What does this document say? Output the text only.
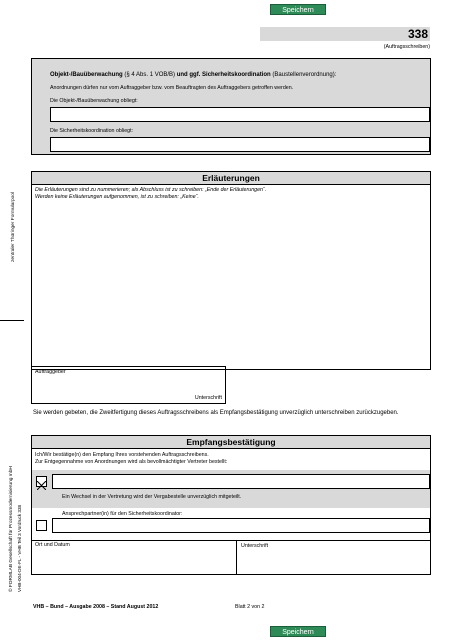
Speichern
338
(Auftragsschreiben)
Objekt-/Bauüberwachung (§ 4 Abs. 1 VOB/B) und ggf. Sicherheitskoordination (Baustellenverordnung):
Anordnungen dürfen nur vom Auftraggeber bzw. vom Beauftragten des Auftraggebers getroffen werden.
Die Objekt-/Bauüberwachung obliegt:
Die Sicherheitskoordination obliegt:
Erläuterungen
Die Erläuterungen sind zu nummerieren; als Abschluss ist zu schreiben: „Ende der Erläuterungen“.
Werden keine Erläuterungen aufgenommen, ist zu schreiben: „Keine“.
Auftraggeber
Unterschrift
Sie werden gebeten, die Zweitfertigung dieses Auftragsschreibens als Empfangsbestätigung unverzüglich unterschreiben zurückzugeben.
Empfangsbestätigung
Ich/Wir bestätige(n) den Empfang Ihres vorstehenden Auftragsschreibens.
Zur Entgegennahme von Anordnungen wird als bevollmächtigter Vertreter bestellt:
Ein Wechsel in der Vertretung wird der Vergabestelle unverzüglich mitgeteilt.
Ansprechpartner(in) für den Sicherheitskoordinator:
Ort und Datum	Unterschrift
VHB – Bund – Ausgabe 2008 – Stand August 2012	Blatt 2 von 2
Speichern
zentraler Thüringer Formularpool
© FORMLAB Gesellschaft für Prozessmodernisierung mbH VHB-004-DE-FL - VHB Teil 3 Vordruck 338
